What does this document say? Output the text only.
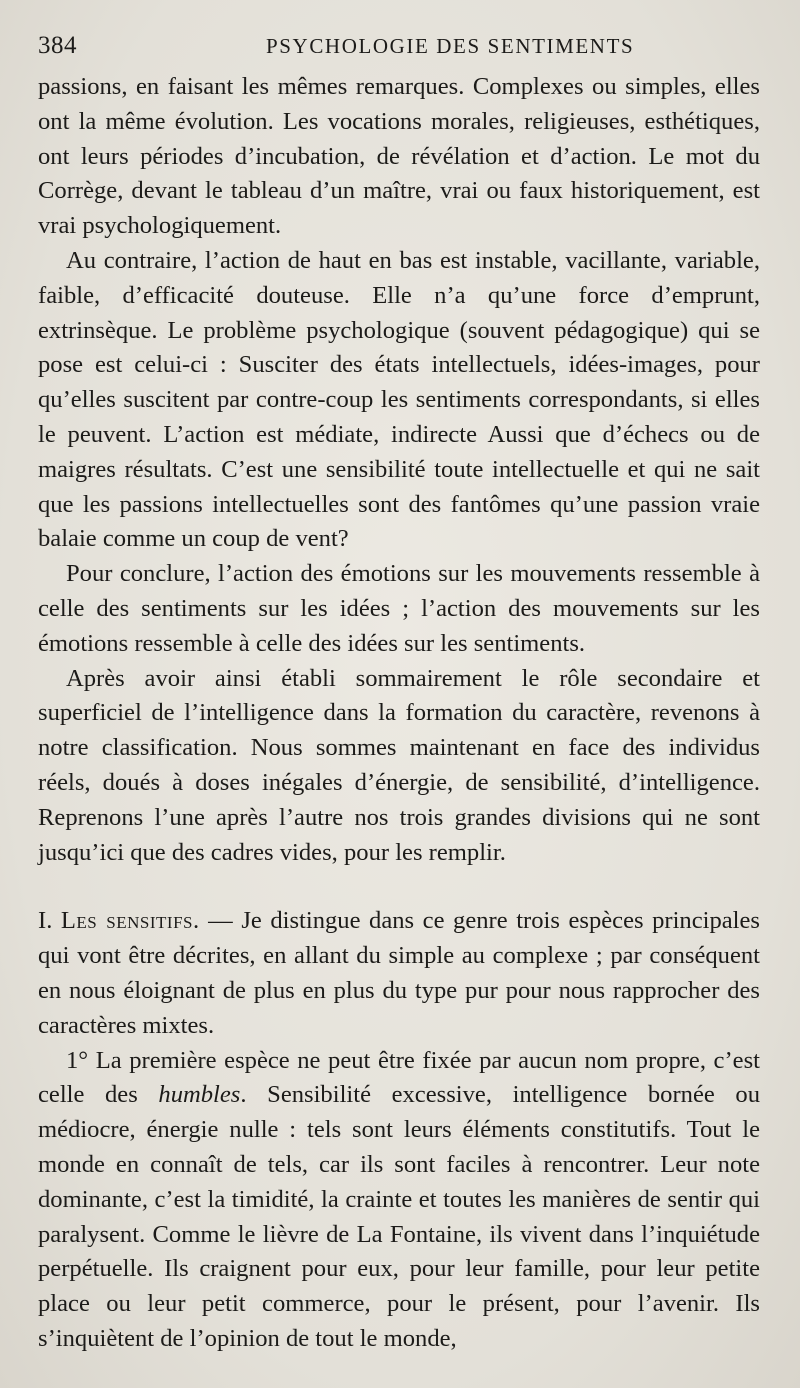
384	PSYCHOLOGIE DES SENTIMENTS

passions, en faisant les mêmes remarques. Complexes ou simples, elles ont la même évolution. Les vocations morales, religieuses, esthétiques, ont leurs périodes d’incubation, de révélation et d’action. Le mot du Corrège, devant le tableau d’un maître, vrai ou faux historiquement, est vrai psychologiquement.

Au contraire, l’action de haut en bas est instable, vacillante, variable, faible, d’efficacité douteuse. Elle n’a qu’une force d’emprunt, extrinsèque. Le problème psychologique (souvent pédagogique) qui se pose est celui-ci : Susciter des états intellectuels, idées-images, pour qu’elles suscitent par contre-coup les sentiments correspondants, si elles le peuvent. L’action est médiate, indirecte Aussi que d’échecs ou de maigres résultats. C’est une sensibilité toute intellectuelle et qui ne sait que les passions intellectuelles sont des fantômes qu’une passion vraie balaie comme un coup de vent?

Pour conclure, l’action des émotions sur les mouvements ressemble à celle des sentiments sur les idées ; l’action des mouvements sur les émotions ressemble à celle des idées sur les sentiments.

Après avoir ainsi établi sommairement le rôle secondaire et superficiel de l’intelligence dans la formation du caractère, revenons à notre classification. Nous sommes maintenant en face des individus réels, doués à doses inégales d’énergie, de sensibilité, d’intelligence. Reprenons l’une après l’autre nos trois grandes divisions qui ne sont jusqu’ici que des cadres vides, pour les remplir.

I. Les sensitifs. — Je distingue dans ce genre trois espèces principales qui vont être décrites, en allant du simple au complexe ; par conséquent en nous éloignant de plus en plus du type pur pour nous rapprocher des caractères mixtes.

1° La première espèce ne peut être fixée par aucun nom propre, c’est celle des humbles. Sensibilité excessive, intelligence bornée ou médiocre, énergie nulle : tels sont leurs éléments constitutifs. Tout le monde en connaît de tels, car ils sont faciles à rencontrer. Leur note dominante, c’est la timidité, la crainte et toutes les manières de sentir qui paralysent. Comme le lièvre de La Fontaine, ils vivent dans l’inquiétude perpétuelle. Ils craignent pour eux, pour leur famille, pour leur petite place ou leur petit commerce, pour le présent, pour l’avenir. Ils s’inquiètent de l’opinion de tout le monde,
